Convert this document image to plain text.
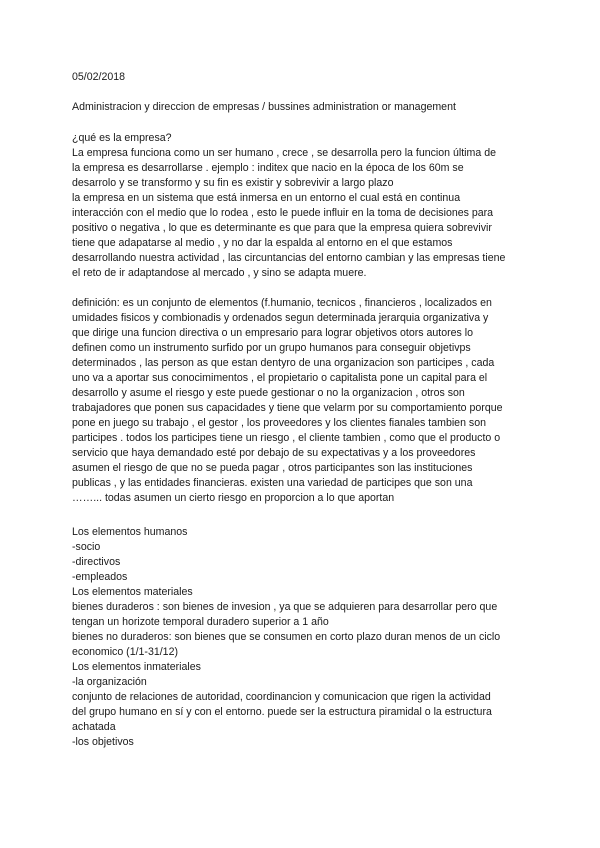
05/02/2018
Administracion y direccion de empresas / bussines administration or management
¿qué es la empresa?
La empresa funciona como un ser humano , crece , se desarrolla pero la funcion última de
la empresa es desarrollarse . ejemplo : inditex que nacio en la época de los 60m se
desarrolo y se transformo y su fin es existir y sobrevivir a largo plazo
la empresa en un sistema que está inmersa en un entorno el cual está en continua
interacción con el medio que lo rodea , esto le puede influir en la toma de decisiones para
positivo o negativa , lo que es determinante es que para que la empresa quiera sobrevivir
tiene que adapatarse al medio , y no dar la espalda al entorno en el que estamos
desarrollando nuestra actividad , las circuntancias del entorno cambian y las empresas tiene
el reto de ir adaptandose al mercado , y sino se adapta muere.
definición: es un conjunto de elementos (f.humanio, tecnicos , financieros , localizados en
umidades fisicos y combionadis y ordenados segun determinada jerarquia organizativa y
que dirige una funcion directiva o un empresario para lograr objetivos otors autores lo
definen como un instrumento surfido por un grupo humanos para conseguir objetivps
determinados , las person as que estan dentyro de una organizacion son participes , cada
uno va a aportar sus conocimimentos , el propietario o capitalista pone un capital para el
desarrollo y asume el riesgo y este puede gestionar o no la organizacion , otros son
trabajadores que ponen sus capacidades y tiene que velarm por su comportamiento porque
pone en juego su trabajo , el gestor , los proveedores y los clientes fianales tambien son
participes . todos los participes tiene un riesgo , el cliente tambien , como que el producto o
servicio que haya demandado esté por debajo de su expectativas y a los proveedores
asumen el riesgo de que no se pueda pagar , otros participantes son las instituciones
publicas , y las entidades financieras. existen una variedad de participes que son una
……... todas asumen un cierto riesgo en proporcion a lo que aportan
Los elementos humanos
-socio
-directivos
-empleados
Los elementos materiales
bienes duraderos : son bienes de invesion , ya que se adquieren para desarrollar pero que
tengan un horizote temporal duradero superior a 1 año
bienes no duraderos: son bienes que se consumen en corto plazo duran menos de un ciclo
economico (1/1-31/12)
Los elementos inmateriales
-la organización
conjunto de relaciones de autoridad, coordinancion y comunicacion que rigen la actividad
del grupo humano en sí y con el entorno. puede ser la estructura piramidal o la estructura
achatada
-los objetivos
